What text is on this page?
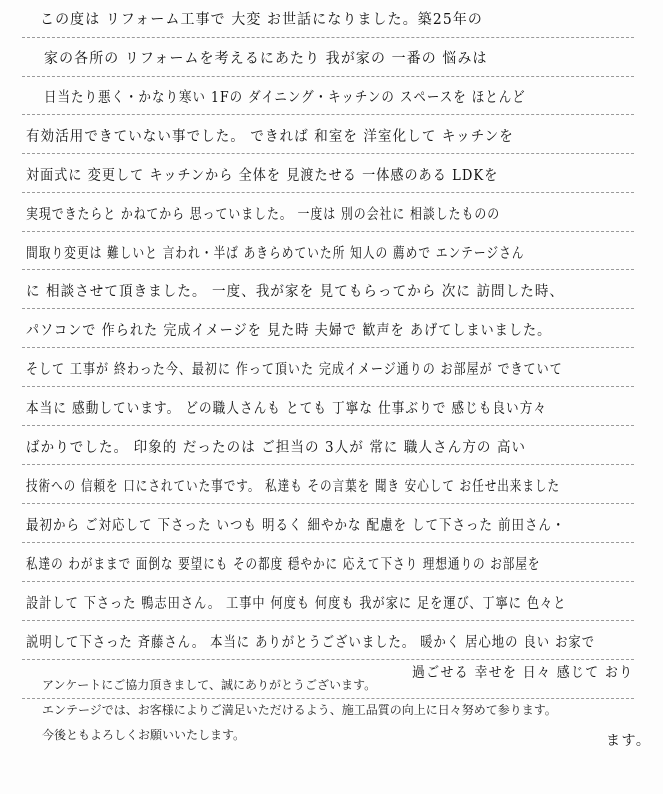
この度は リフォーム工事で 大変 お世話になりました。築25年の
家の各所の リフォームを考えるにあたり 我が家の 一番の 悩みは
日当たり悪く・かなり寒い 1Fの ダイニング・キッチンの スペースを ほとんど
有効活用できていない事でした。 できれば 和室を 洋室化して キッチンを
対面式に 変更して キッチンから 全体を 見渡たせる 一体感のある LDKを
実現できたらと かねてから 思っていました。 一度は 別の会社に 相談したものの
間取り変更は 難しいと 言われ・半ば あきらめていた所 知人の 薦めで エンテージさん
に 相談させて頂きました。 一度、我が家を 見てもらってから 次に 訪問した時、
パソコンで 作られた 完成イメージを 見た時 夫婦で 歓声を あげてしまいました。
そして 工事が 終わった今、最初に 作って頂いた 完成イメージ通りの お部屋が できていて
本当に 感動しています。 どの職人さんも とても 丁寧な 仕事ぶりで 感じも良い方々
ばかりでした。 印象的 だったのは ご担当の 3人が 常に 職人さん方の 高い
技術への 信頼を 口にされていた事です。 私達も その言葉を 聞き 安心して お任せ出来ました
最初から ご対応して 下さった いつも 明るく 細やかな 配慮を して下さった 前田さん・
私達の わがままで 面倒な 要望にも その都度 穏やかに 応えて下さり 理想通りの お部屋を
設計して 下さった 鴨志田さん。 工事中 何度も 何度も 我が家に 足を運び、丁寧に 色々と
説明して下さった 斉藤さん。 本当に ありがとうございました。 暖かく 居心地の 良い お家で
過ごせる 幸せを 日々 感じて おり
ます。
アンケートにご協力頂きまして、誠にありがとうございます。
エンテージでは、お客様によりご満足いただけるよう、施工品質の向上に日々努めて参ります。
今後ともよろしくお願いいたします。
